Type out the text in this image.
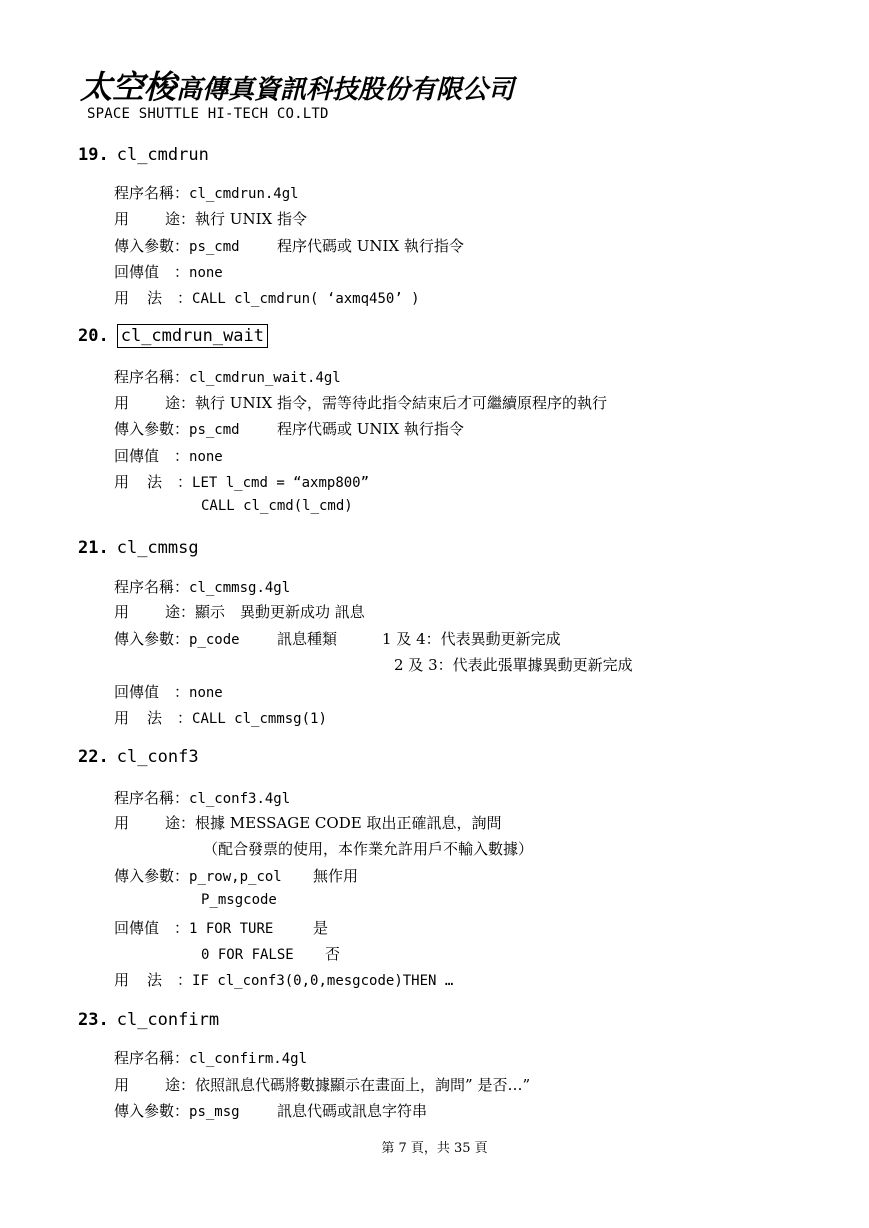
太空梭高傳真資訊科技股份有限公司
SPACE SHUTTLE HI-TECH CO.LTD
19. cl_cmdrun
程序名稱：cl_cmdrun.4gl
用 途：執行 UNIX 指令
傳入參數：ps_cmd 程序代碼或 UNIX 執行指令
回傳值　：none
用 法　：CALL cl_cmdrun( ‘axmq450’ )
20. cl_cmdrun_wait
程序名稱：cl_cmdrun_wait.4gl
用 途：執行 UNIX 指令，需等待此指令結束后才可繼續原程序的執行
傳入參數：ps_cmd 程序代碼或 UNIX 執行指令
回傳值　：none
用 法　：LET l_cmd = “axmp800”
CALL cl_cmd(l_cmd)
21. cl_cmmsg
程序名稱：cl_cmmsg.4gl
用 途：顯示　異動更新成功 訊息
傳入參數：p_code 訊息種類	1 及 4：代表異動更新完成
2 及 3：代表此張單據異動更新完成
回傳值　：none
用 法　：CALL cl_cmmsg(1)
22. cl_conf3
程序名稱：cl_conf3.4gl
用 途：根據 MESSAGE CODE 取出正確訊息，詢問
（配合發票的使用，本作業允許用戶不輸入數據）
傳入參數：p_row,p_col 無作用
P_msgcode
回傳值　：1 FOR TURE	是
0 FOR FALSE 否
用 法　：IF cl_conf3(0,0,mesgcode)THEN …
23. cl_confirm
程序名稱：cl_confirm.4gl
用 途：依照訊息代碼將數據顯示在畫面上，詢問” 是否…”
傳入參數：ps_msg 訊息代碼或訊息字符串
第 7 頁，共 35 頁
